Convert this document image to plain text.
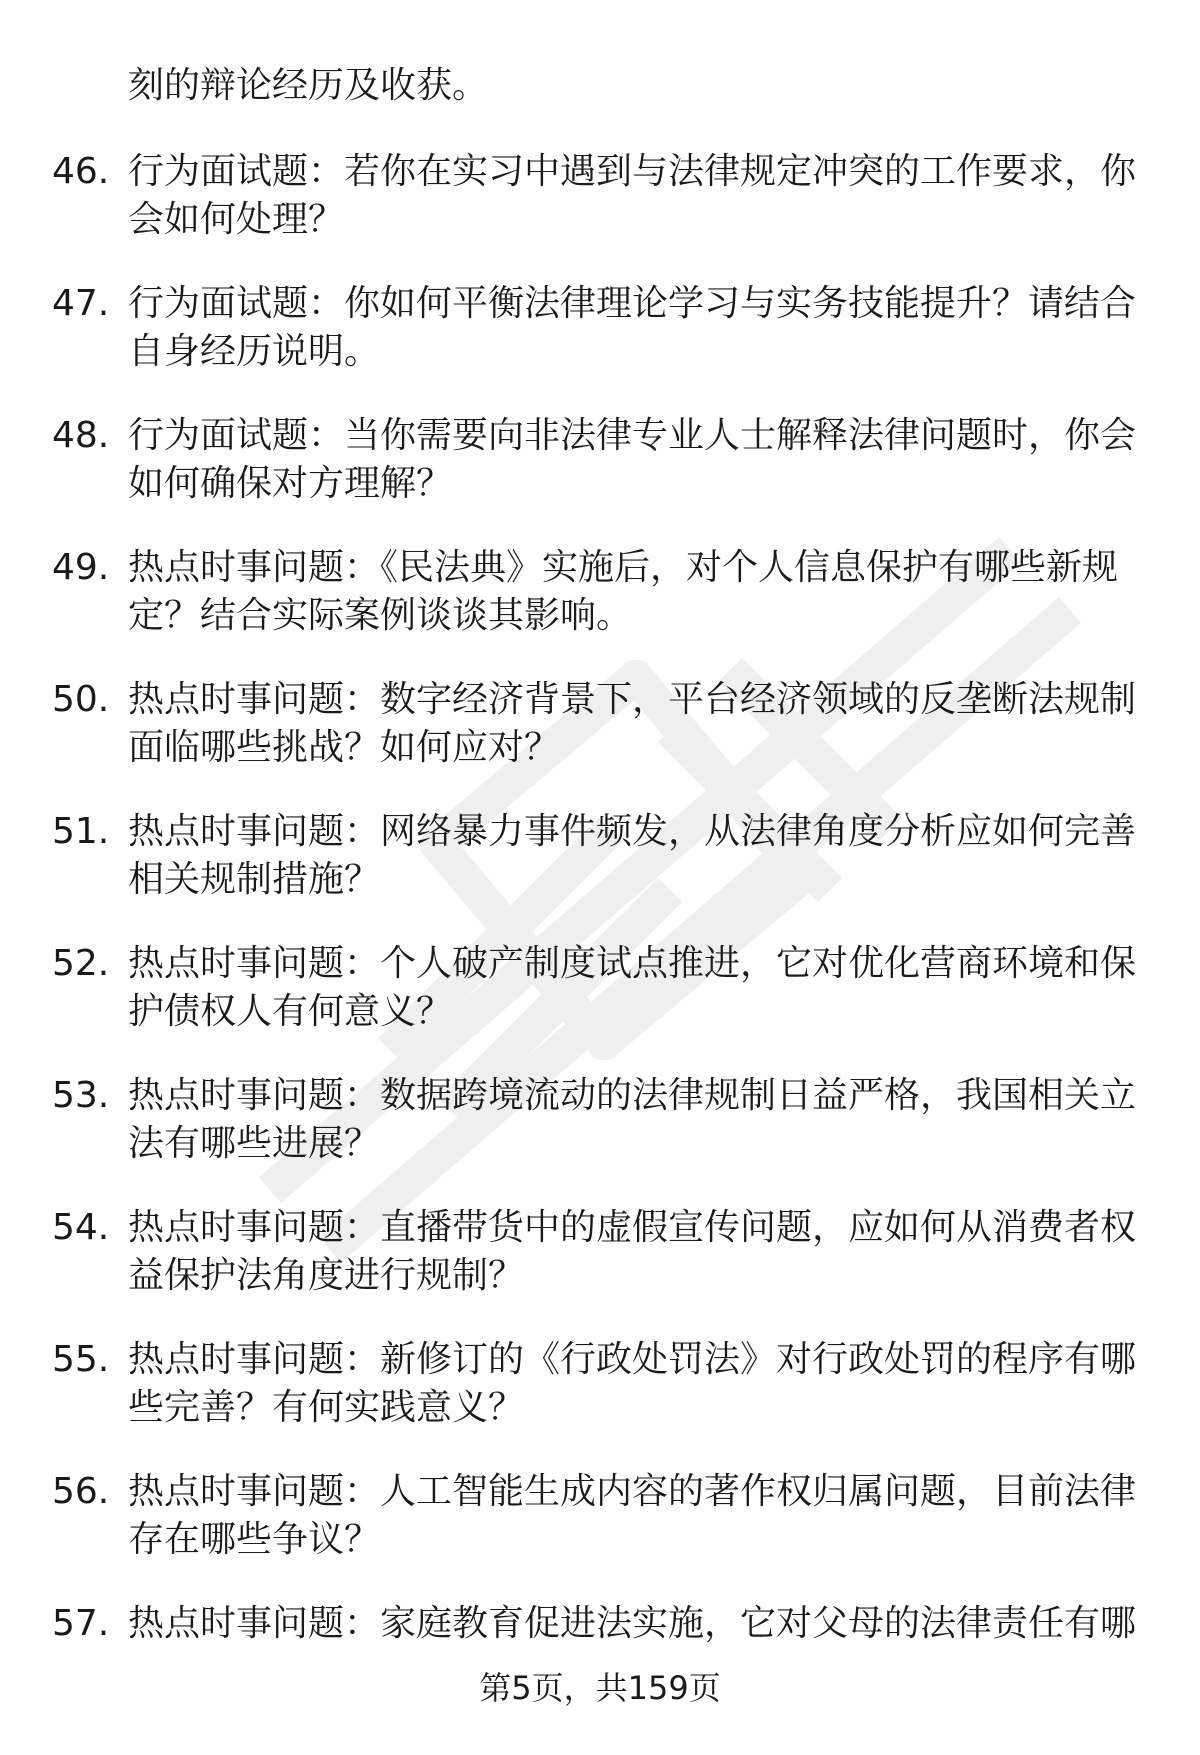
刻的辩论经历及收获。
46. 行为面试题：若你在实习中遇到与法律规定冲突的工作要求，你会如何处理？
47. 行为面试题：你如何平衡法律理论学习与实务技能提升？请结合自身经历说明。
48. 行为面试题：当你需要向非法律专业人士解释法律问题时，你会如何确保对方理解？
49. 热点时事问题：《民法典》实施后，对个人信息保护有哪些新规定？结合实际案例谈谈其影响。
50. 热点时事问题：数字经济背景下，平台经济领域的反垄断法规制面临哪些挑战？如何应对？
51. 热点时事问题：网络暴力事件频发，从法律角度分析应如何完善相关规制措施？
52. 热点时事问题：个人破产制度试点推进，它对优化营商环境和保护债权人有何意义？
53. 热点时事问题：数据跨境流动的法律规制日益严格，我国相关立法有哪些进展？
54. 热点时事问题：直播带货中的虚假宣传问题，应如何从消费者权益保护法角度进行规制？
55. 热点时事问题：新修订的《行政处罚法》对行政处罚的程序有哪些完善？有何实践意义？
56. 热点时事问题：人工智能生成内容的著作权归属问题，目前法律存在哪些争议？
57. 热点时事问题：家庭教育促进法实施，它对父母的法律责任有哪
第5页，共159页
